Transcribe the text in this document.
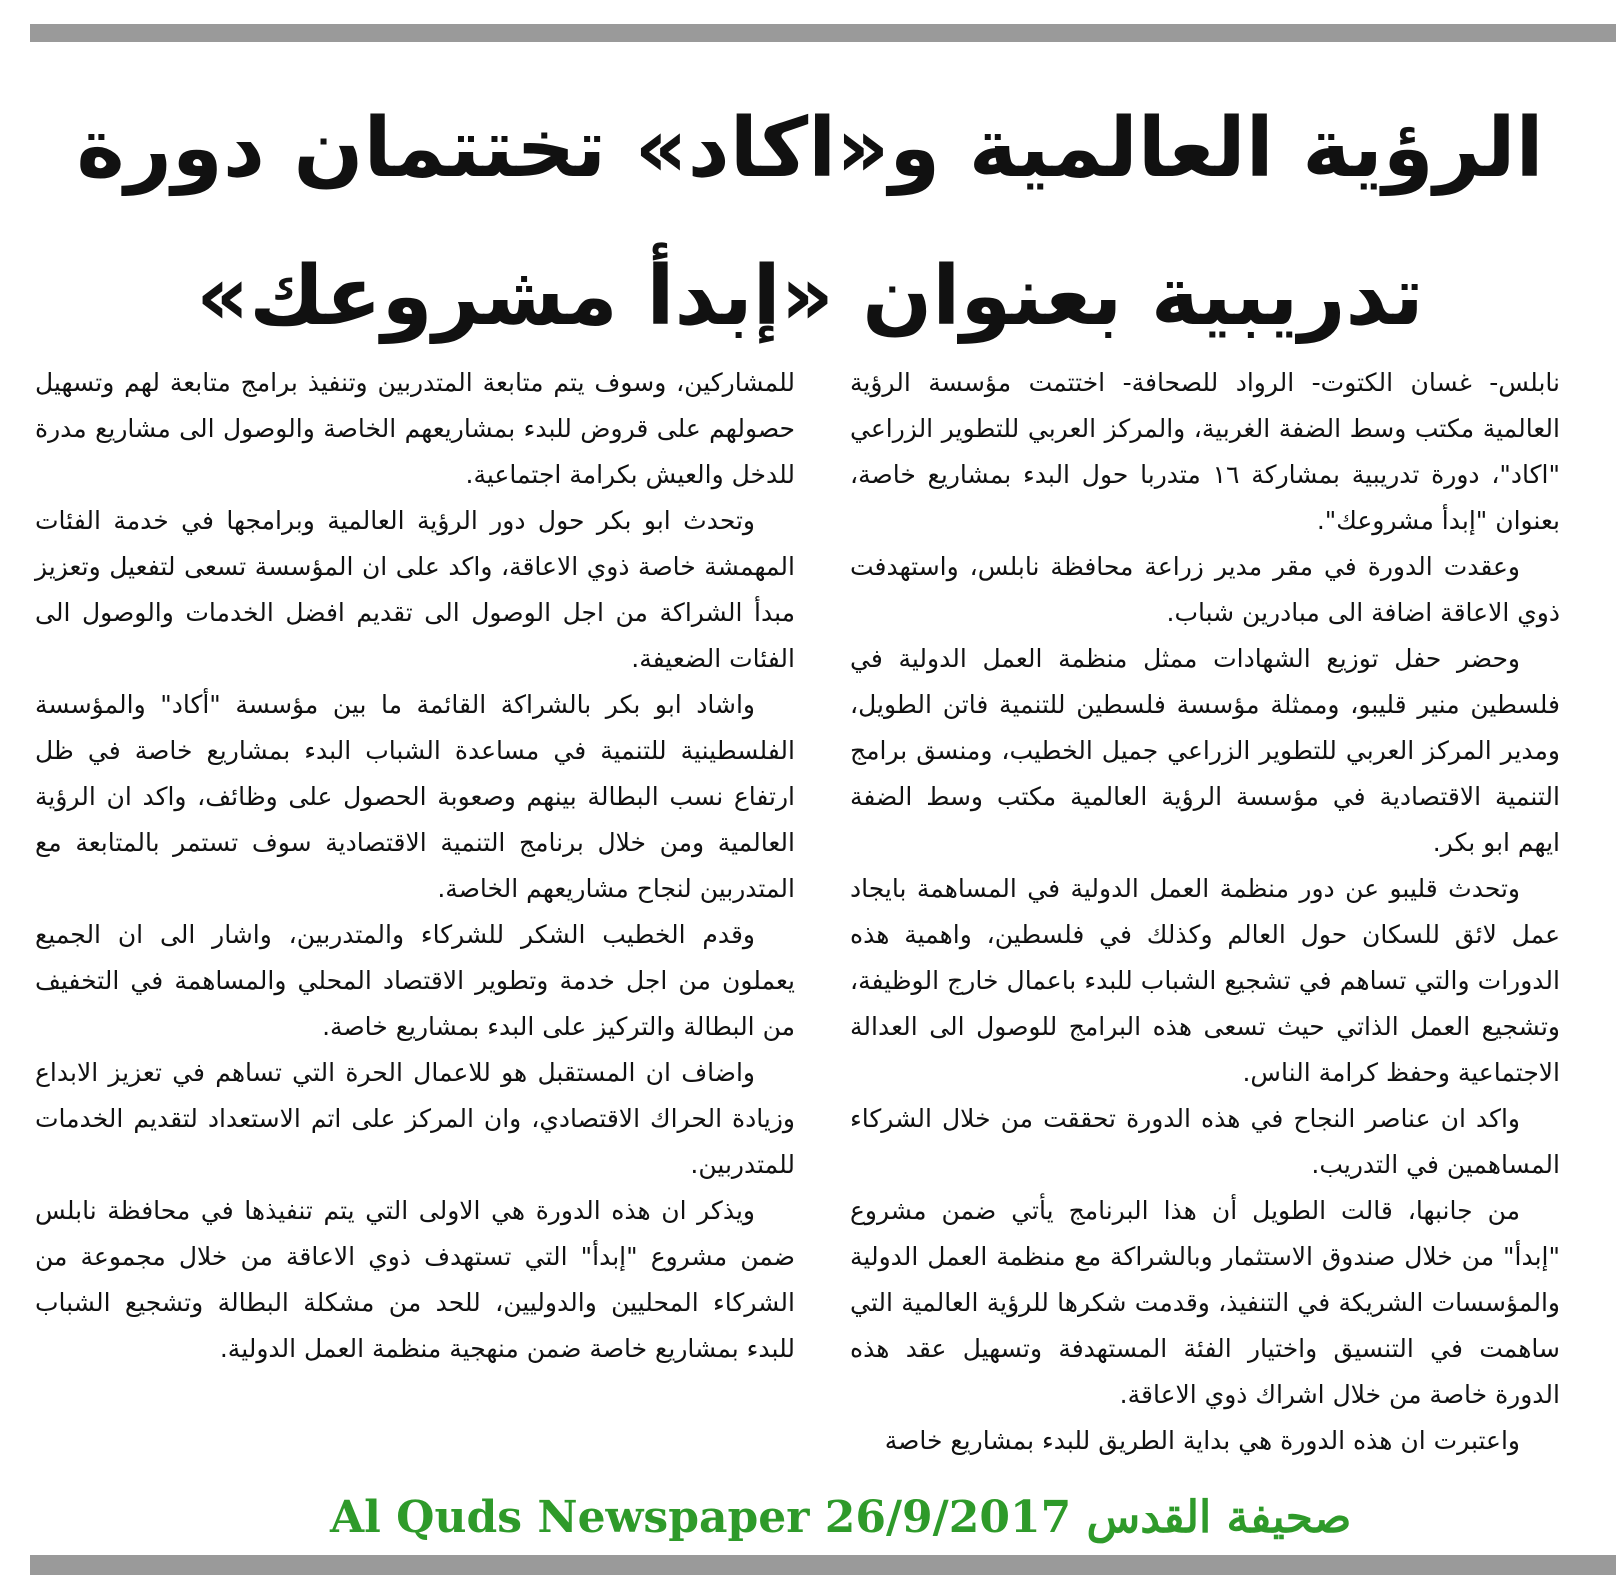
الرؤية العالمية و«اكاد» تختتمان دورة
تدريبية بعنوان «إبدأ مشروعك»

نابلس- غسان الكتوت- الرواد للصحافة- اختتمت مؤسسة الرؤية العالمية مكتب وسط الضفة الغربية، والمركز العربي للتطوير الزراعي "اكاد"، دورة تدريبية بمشاركة ١٦ متدربا حول البدء بمشاريع خاصة، بعنوان "إبدأ مشروعك".

وعقدت الدورة في مقر مدير زراعة محافظة نابلس، واستهدفت ذوي الاعاقة اضافة الى مبادرين شباب.

وحضر حفل توزيع الشهادات ممثل منظمة العمل الدولية في فلسطين منير قليبو، وممثلة مؤسسة فلسطين للتنمية فاتن الطويل، ومدير المركز العربي للتطوير الزراعي جميل الخطيب، ومنسق برامج التنمية الاقتصادية في مؤسسة الرؤية العالمية مكتب وسط الضفة ايهم ابو بكر.

وتحدث قليبو عن دور منظمة العمل الدولية في المساهمة بايجاد عمل لائق للسكان حول العالم وكذلك في فلسطين، واهمية هذه الدورات والتي تساهم في تشجيع الشباب للبدء باعمال خارج الوظيفة، وتشجيع العمل الذاتي حيث تسعى هذه البرامج للوصول الى العدالة الاجتماعية وحفظ كرامة الناس.

واكد ان عناصر النجاح في هذه الدورة تحققت من خلال الشركاء المساهمين في التدريب.

من جانبها، قالت الطويل أن هذا البرنامج يأتي ضمن مشروع "إبدأ" من خلال صندوق الاستثمار وبالشراكة مع منظمة العمل الدولية والمؤسسات الشريكة في التنفيذ، وقدمت شكرها للرؤية العالمية التي ساهمت في التنسيق واختيار الفئة المستهدفة وتسهيل عقد هذه الدورة خاصة من خلال اشراك ذوي الاعاقة.

واعتبرت ان هذه الدورة هي بداية الطريق للبدء بمشاريع خاصة

للمشاركين، وسوف يتم متابعة المتدربين وتنفيذ برامج متابعة لهم وتسهيل حصولهم على قروض للبدء بمشاريعهم الخاصة والوصول الى مشاريع مدرة للدخل والعيش بكرامة اجتماعية.

وتحدث ابو بكر حول دور الرؤية العالمية وبرامجها في خدمة الفئات المهمشة خاصة ذوي الاعاقة، واكد على ان المؤسسة تسعى لتفعيل وتعزيز مبدأ الشراكة من اجل الوصول الى تقديم افضل الخدمات والوصول الى الفئات الضعيفة.

واشاد ابو بكر بالشراكة القائمة ما بين مؤسسة "أكاد" والمؤسسة الفلسطينية للتنمية في مساعدة الشباب البدء بمشاريع خاصة في ظل ارتفاع نسب البطالة بينهم وصعوبة الحصول على وظائف، واكد ان الرؤية العالمية ومن خلال برنامج التنمية الاقتصادية سوف تستمر بالمتابعة مع المتدربين لنجاح مشاريعهم الخاصة.

وقدم الخطيب الشكر للشركاء والمتدربين، واشار الى ان الجميع يعملون من اجل خدمة وتطوير الاقتصاد المحلي والمساهمة في التخفيف من البطالة والتركيز على البدء بمشاريع خاصة.

واضاف ان المستقبل هو للاعمال الحرة التي تساهم في تعزيز الابداع وزيادة الحراك الاقتصادي، وان المركز على اتم الاستعداد لتقديم الخدمات للمتدربين.

ويذكر ان هذه الدورة هي الاولى التي يتم تنفيذها في محافظة نابلس ضمن مشروع "إبدأ" التي تستهدف ذوي الاعاقة من خلال مجموعة من الشركاء المحليين والدوليين، للحد من مشكلة البطالة وتشجيع الشباب للبدء بمشاريع خاصة ضمن منهجية منظمة العمل الدولية.

Al Quds Newspaper 26/9/2017 صحيفة القدس
